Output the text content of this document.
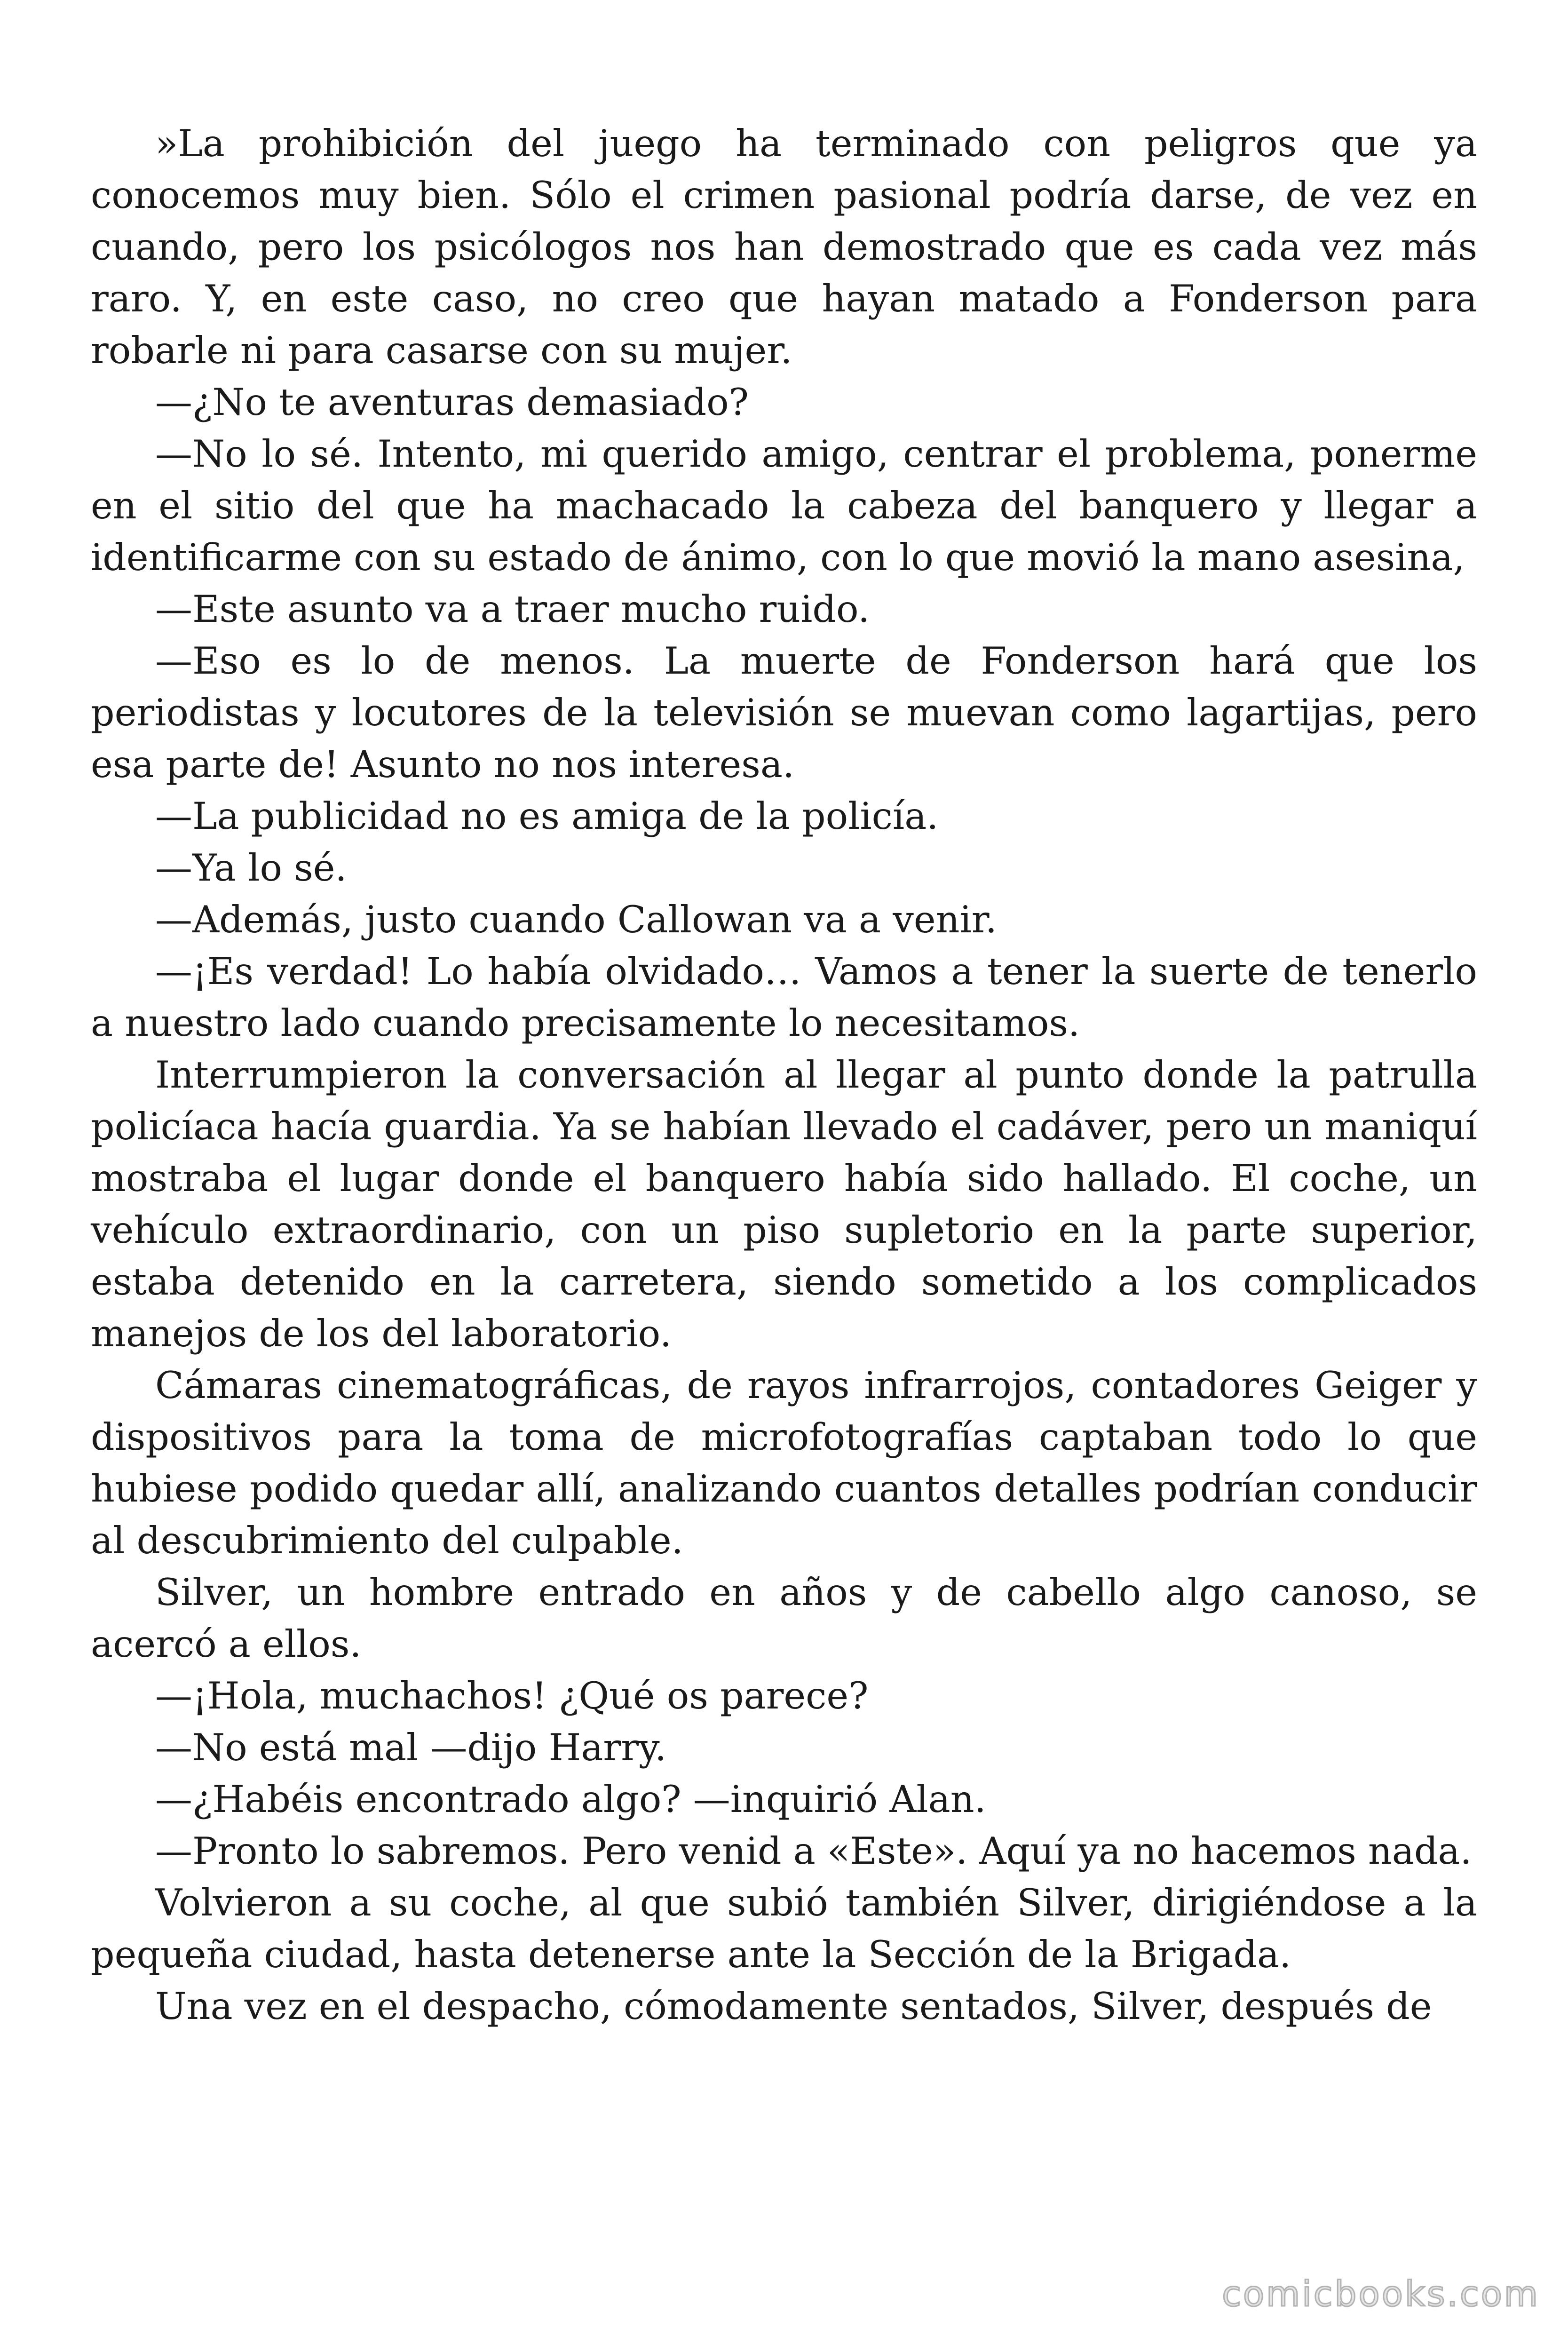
»La prohibición del juego ha terminado con peligros que ya conocemos muy bien. Sólo el crimen pasional podría darse, de vez en cuando, pero los psicólogos nos han demostrado que es cada vez más raro. Y, en este caso, no creo que hayan matado a Fonderson para robarle ni para casarse con su mujer.

—¿No te aventuras demasiado?

—No lo sé. Intento, mi querido amigo, centrar el problema, ponerme en el sitio del que ha machacado la cabeza del banquero y llegar a identificarme con su estado de ánimo, con lo que movió la mano asesina,

—Este asunto va a traer mucho ruido.

—Eso es lo de menos. La muerte de Fonderson hará que los periodistas y locutores de la televisión se muevan como lagartijas, pero esa parte de! Asunto no nos interesa.

—La publicidad no es amiga de la policía.

—Ya lo sé.

—Además, justo cuando Callowan va a venir.

—¡Es verdad! Lo había olvidado… Vamos a tener la suerte de tenerlo a nuestro lado cuando precisamente lo necesitamos.

Interrumpieron la conversación al llegar al punto donde la patrulla policíaca hacía guardia. Ya se habían llevado el cadáver, pero un maniquí mostraba el lugar donde el banquero había sido hallado. El coche, un vehículo extraordinario, con un piso supletorio en la parte superior, estaba detenido en la carretera, siendo sometido a los complicados manejos de los del laboratorio.

Cámaras cinematográficas, de rayos infrarrojos, contadores Geiger y dispositivos para la toma de microfotografías captaban todo lo que hubiese podido quedar allí, analizando cuantos detalles podrían conducir al descubrimiento del culpable.

Silver, un hombre entrado en años y de cabello algo canoso, se acercó a ellos.

—¡Hola, muchachos! ¿Qué os parece?

—No está mal —dijo Harry.

—¿Habéis encontrado algo? —inquirió Alan.

—Pronto lo sabremos. Pero venid a «Este». Aquí ya no hacemos nada.

Volvieron a su coche, al que subió también Silver, dirigiéndose a la pequeña ciudad, hasta detenerse ante la Sección de la Brigada.

Una vez en el despacho, cómodamente sentados, Silver, después de

comicbooks.com
